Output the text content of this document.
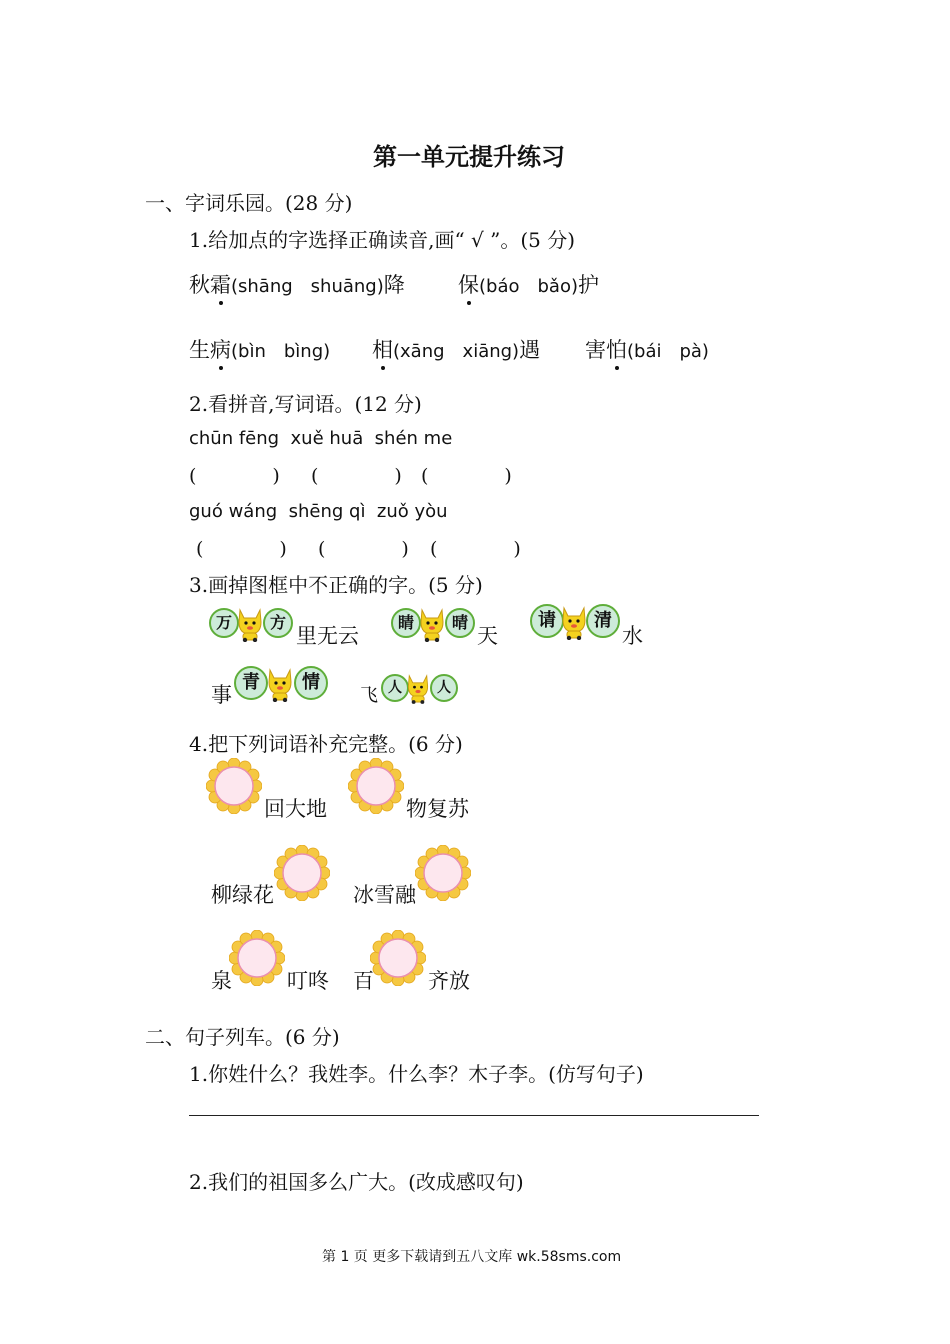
第一单元提升练习
一、字词乐园。(28 分)
1.给加点的字选择正确读音,画“ √ ”。(5 分)
秋霜(shāng　shuāng)降	保(báo　bǎo)护
生病(bìn　bìng) 相(xāng　xiāng)遇 害怕(bái　pà)
2.看拼音,写词语。(12 分)
chūn fēng  xuě huā  shén me
(　　　　) (　　　　) (　　　　)
guó wáng  shēng qì  zuǒ yòu
(　　　　) (　　　　) (　　　　)
3.画掉图框中不正确的字。(5 分)
万	方
里无云
睛	晴
天
请	清
水
事
青	情
飞 人	人
4.把下列词语补充完整。(6 分)
回大地	物复苏
柳绿花	冰雪融
泉	叮咚 百	齐放
二、句子列车。(6 分)
1.你姓什么？我姓李。什么李？木子李。(仿写句子)
2.我们的祖国多么广大。(改成感叹句)
第 1 页 更多下载请到五八文库 wk.58sms.com
